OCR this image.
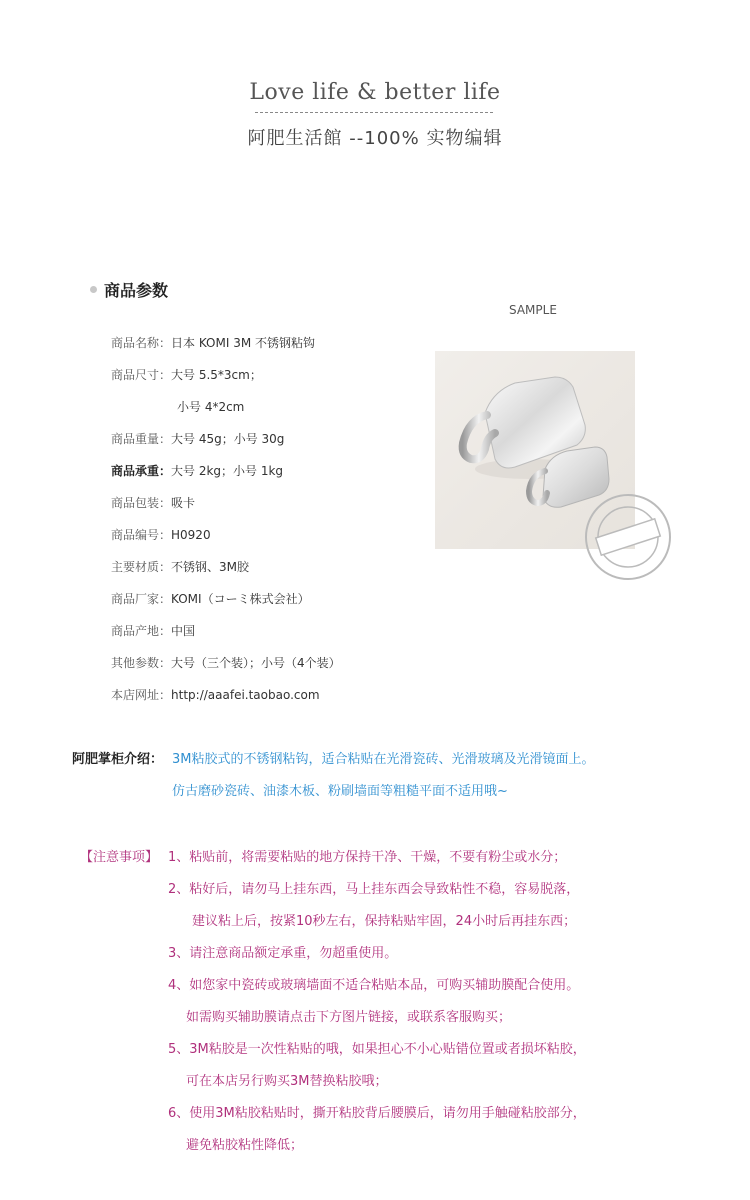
Love life & better life
阿肥生活館 --100% 实物编辑
商品参数
SAMPLE
商品名称：日本 KOMI 3M 不锈钢粘钩
商品尺寸：大号 5.5*3cm；
小号 4*2cm
商品重量：大号 45g；小号 30g
商品承重：大号 2kg；小号 1kg
商品包装：吸卡
商品编号：H0920
主要材质：不锈钢、3M胶
商品厂家：KOMI（コーミ株式会社）
商品产地：中国
其他参数：大号（三个装）；小号（4个装）
本店网址：http://aaafei.taobao.com
阿肥掌柜介绍： 3M粘胶式的不锈钢粘钩，适合粘贴在光滑瓷砖、光滑玻璃及光滑镜面上。
仿古磨砂瓷砖、油漆木板、粉刷墙面等粗糙平面不适用哦~
【注意事项】 1、粘贴前，将需要粘贴的地方保持干净、干燥，不要有粉尘或水分；
2、粘好后，请勿马上挂东西，马上挂东西会导致粘性不稳，容易脱落，
建议粘上后，按紧10秒左右，保持粘贴牢固，24小时后再挂东西；
3、请注意商品额定承重，勿超重使用。
4、如您家中瓷砖或玻璃墙面不适合粘贴本品，可购买辅助膜配合使用。
如需购买辅助膜请点击下方图片链接，或联系客服购买；
5、3M粘胶是一次性粘贴的哦，如果担心不小心贴错位置或者损坏粘胶，
可在本店另行购买3M替换粘胶哦；
6、使用3M粘胶粘贴时，撕开粘胶背后腰膜后，请勿用手触碰粘胶部分，
避免粘胶粘性降低；
